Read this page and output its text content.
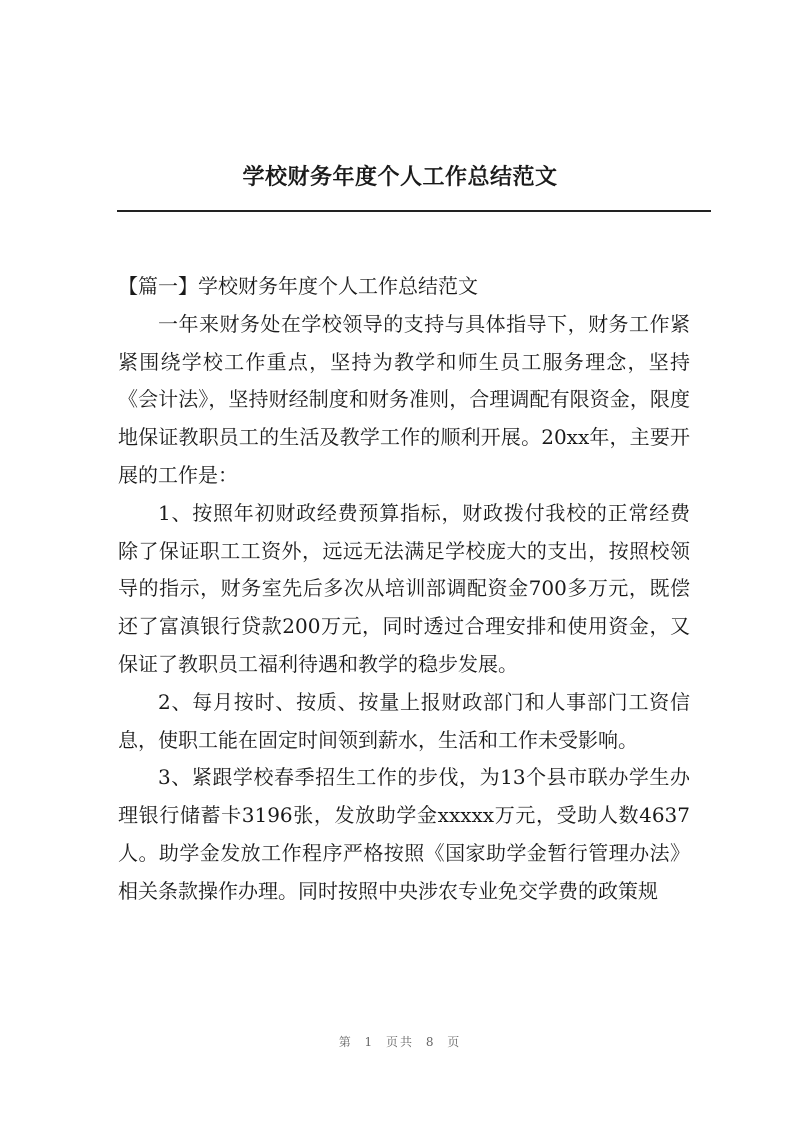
学校财务年度个人工作总结范文

【篇一】学校财务年度个人工作总结范文

一年来财务处在学校领导的支持与具体指导下，财务工作紧紧围绕学校工作重点，坚持为教学和师生员工服务理念，坚持《会计法》，坚持财经制度和财务准则，合理调配有限资金，限度地保证教职员工的生活及教学工作的顺利开展。20xx年，主要开展的工作是：

1、按照年初财政经费预算指标，财政拨付我校的正常经费除了保证职工工资外，远远无法满足学校庞大的支出，按照校领导的指示，财务室先后多次从培训部调配资金700多万元，既偿还了富滇银行贷款200万元，同时透过合理安排和使用资金，又保证了教职员工福利待遇和教学的稳步发展。

2、每月按时、按质、按量上报财政部门和人事部门工资信息，使职工能在固定时间领到薪水，生活和工作未受影响。

3、紧跟学校春季招生工作的步伐，为13个县市联办学生办理银行储蓄卡3196张，发放助学金xxxxx万元，受助人数4637人。助学金发放工作程序严格按照《国家助学金暂行管理办法》相关条款操作办理。同时按照中央涉农专业免交学费的政策规

第 1 页共 8 页
